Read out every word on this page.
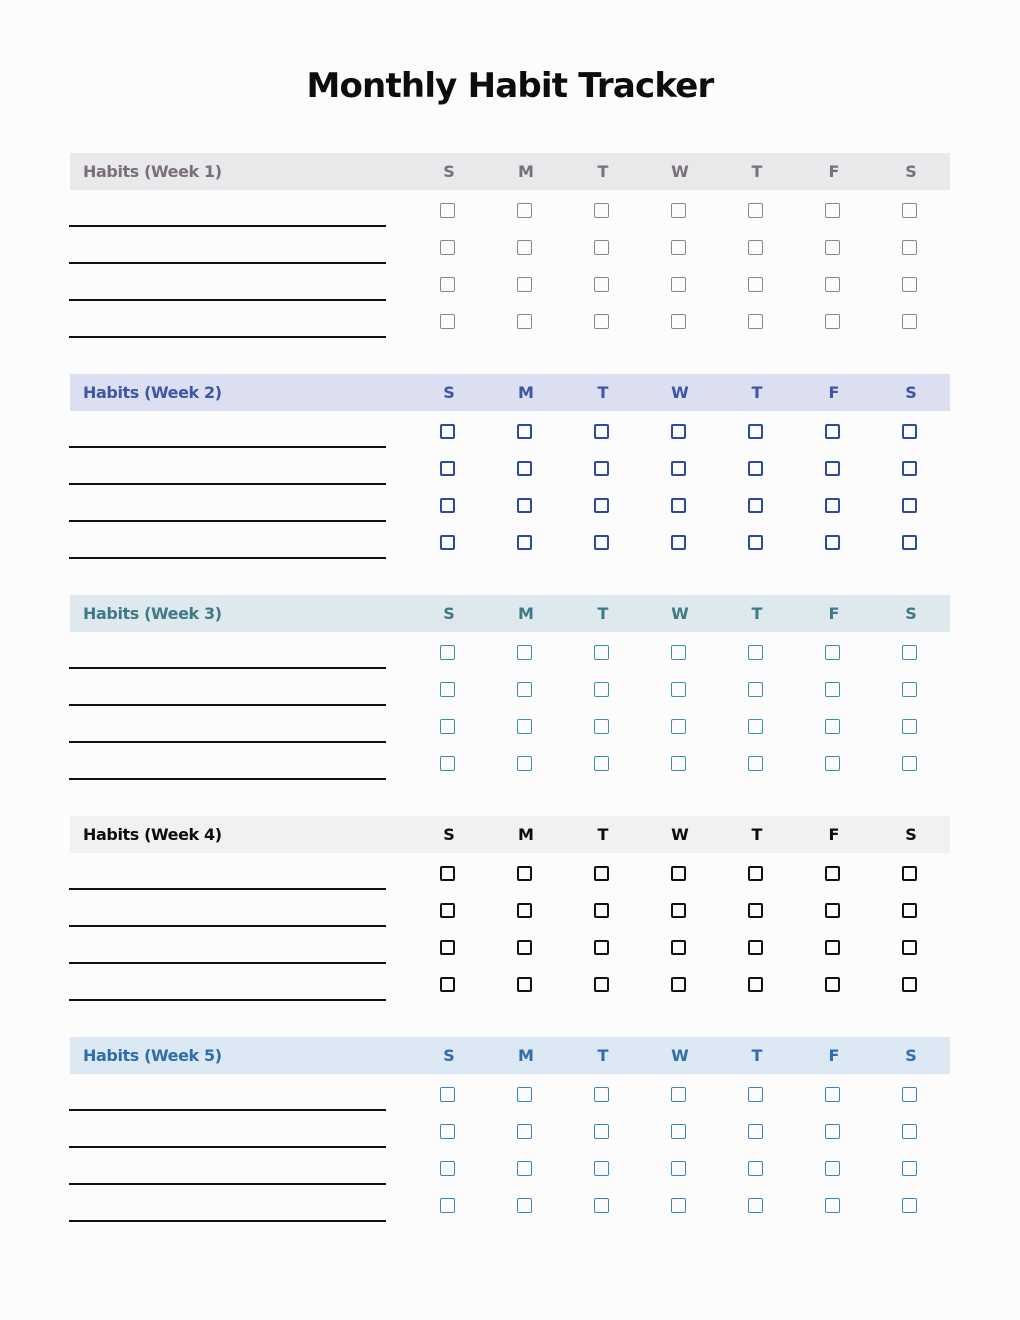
Monthly Habit Tracker
Habits (Week 1)	S	M	T	W	T	F	S
Habits (Week 2)	S	M	T	W	T	F	S
Habits (Week 3)	S	M	T	W	T	F	S
Habits (Week 4)	S	M	T	W	T	F	S
Habits (Week 5)	S	M	T	W	T	F	S
